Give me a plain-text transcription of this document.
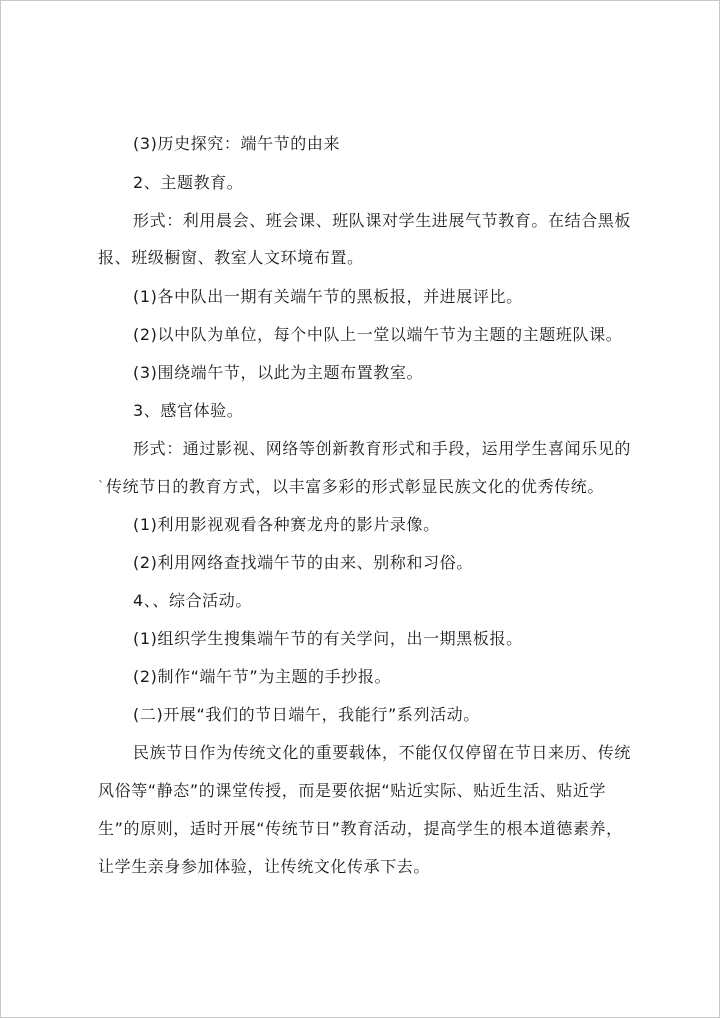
(3)历史探究：端午节的由来
2、主题教育。
形式：利用晨会、班会课、班队课对学生进展气节教育。在结合黑板
报、班级橱窗、教室人文环境布置。
(1)各中队出一期有关端午节的黑板报，并进展评比。
(2)以中队为单位，每个中队上一堂以端午节为主题的主题班队课。
(3)围绕端午节，以此为主题布置教室。
3、感官体验。
形式：通过影视、网络等创新教育形式和手段，运用学生喜闻乐见的
` 传统节日的教育方式，以丰富多彩的形式彰显民族文化的优秀传统。
(1)利用影视观看各种赛龙舟的影片录像。
(2)利用网络查找端午节的由来、别称和习俗。
4、、综合活动。
(1)组织学生搜集端午节的有关学问，出一期黑板报。
(2)制作“端午节”为主题的手抄报。
(二)开展“我们的节日端午，我能行”系列活动。
民族节日作为传统文化的重要载体，不能仅仅停留在节日来历、传统
风俗等“静态”的课堂传授，而是要依据“贴近实际、贴近生活、贴近学
生”的原则，适时开展“传统节日”教育活动，提高学生的根本道德素养，
让学生亲身参加体验，让传统文化传承下去。
